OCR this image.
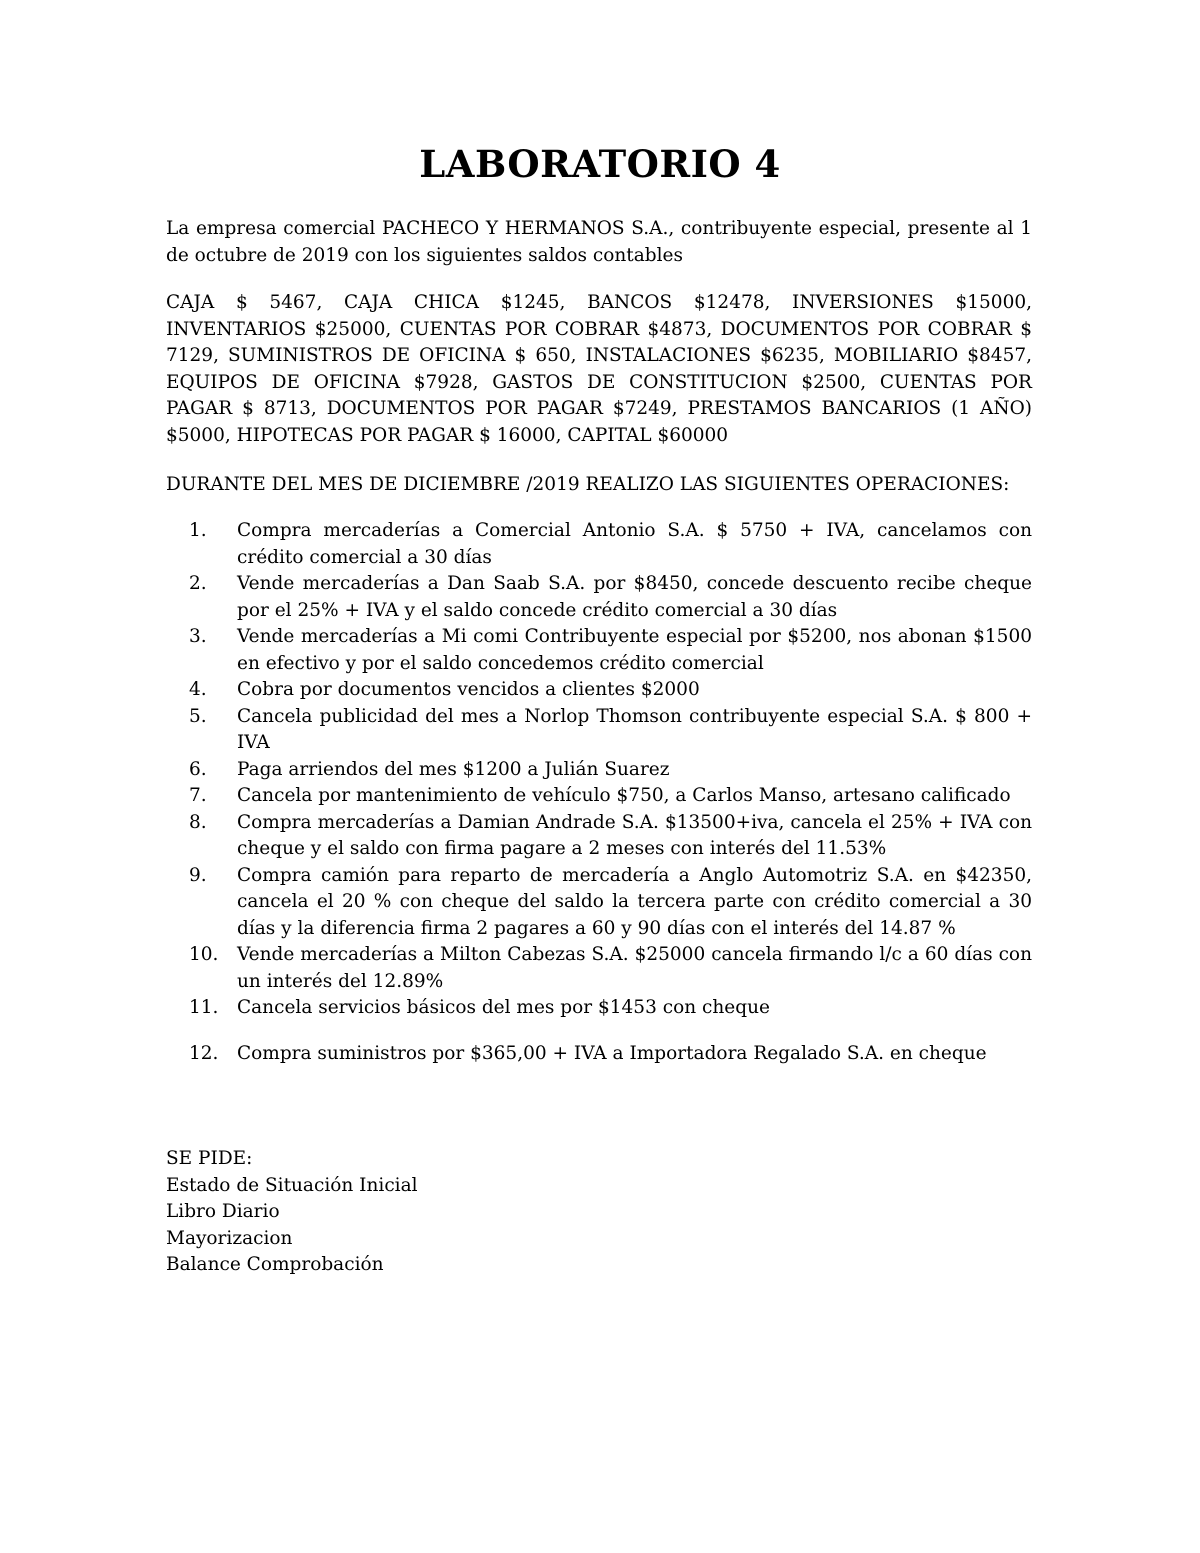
LABORATORIO 4

La empresa comercial PACHECO Y HERMANOS S.A., contribuyente especial, presente al 1 de octubre de 2019 con los siguientes saldos contables

CAJA $ 5467, CAJA CHICA $1245, BANCOS $12478, INVERSIONES $15000, INVENTARIOS $25000, CUENTAS POR COBRAR $4873, DOCUMENTOS POR COBRAR $ 7129, SUMINISTROS DE OFICINA $ 650, INSTALACIONES $6235, MOBILIARIO $8457, EQUIPOS DE OFICINA $7928, GASTOS DE CONSTITUCION $2500, CUENTAS POR PAGAR $ 8713, DOCUMENTOS POR PAGAR $7249, PRESTAMOS BANCARIOS (1 AÑO) $5000, HIPOTECAS POR PAGAR $ 16000, CAPITAL $60000

DURANTE DEL MES DE DICIEMBRE /2019 REALIZO LAS SIGUIENTES OPERACIONES:

1 .	Compra mercaderías a Comercial Antonio S.A. $ 5750 + IVA, cancelamos con crédito comercial a 30 días
2 .	Vende mercaderías a Dan Saab S.A. por $8450, concede descuento recibe cheque por el 25% + IVA y el saldo concede crédito comercial a 30 días
3 .	Vende mercaderías a Mi comi Contribuyente especial por $5200, nos abonan $1500 en efectivo y por el saldo concedemos crédito comercial
4 .	Cobra por documentos vencidos a clientes $2000
5 .	Cancela publicidad del mes a Norlop Thomson contribuyente especial S.A. $ 800 + IVA
6 .	Paga arriendos del mes $1200 a Julián Suarez
7 .	Cancela por mantenimiento de vehículo $750, a Carlos Manso, artesano calificado
8 .	Compra mercaderías a Damian Andrade S.A. $13500+iva, cancela el 25% + IVA con cheque y el saldo con firma pagare a 2 meses con interés del 11.53%
9 .	Compra camión para reparto de mercadería a Anglo Automotriz S.A. en $42350, cancela el 20 % con cheque del saldo la tercera parte con crédito comercial a 30 días y la diferencia firma 2 pagares a 60 y 90 días con el interés del 14.87 %
10 .	Vende mercaderías a Milton Cabezas S.A. $25000 cancela firmando l/c a 60 días con un interés del 12.89%
11 .	Cancela servicios básicos del mes por $1453 con cheque
12 .	Compra suministros por $365,00 + IVA a Importadora Regalado S.A. en cheque
SE PIDE:
Estado de Situación Inicial
Libro Diario
Mayorizacion
Balance Comprobación
